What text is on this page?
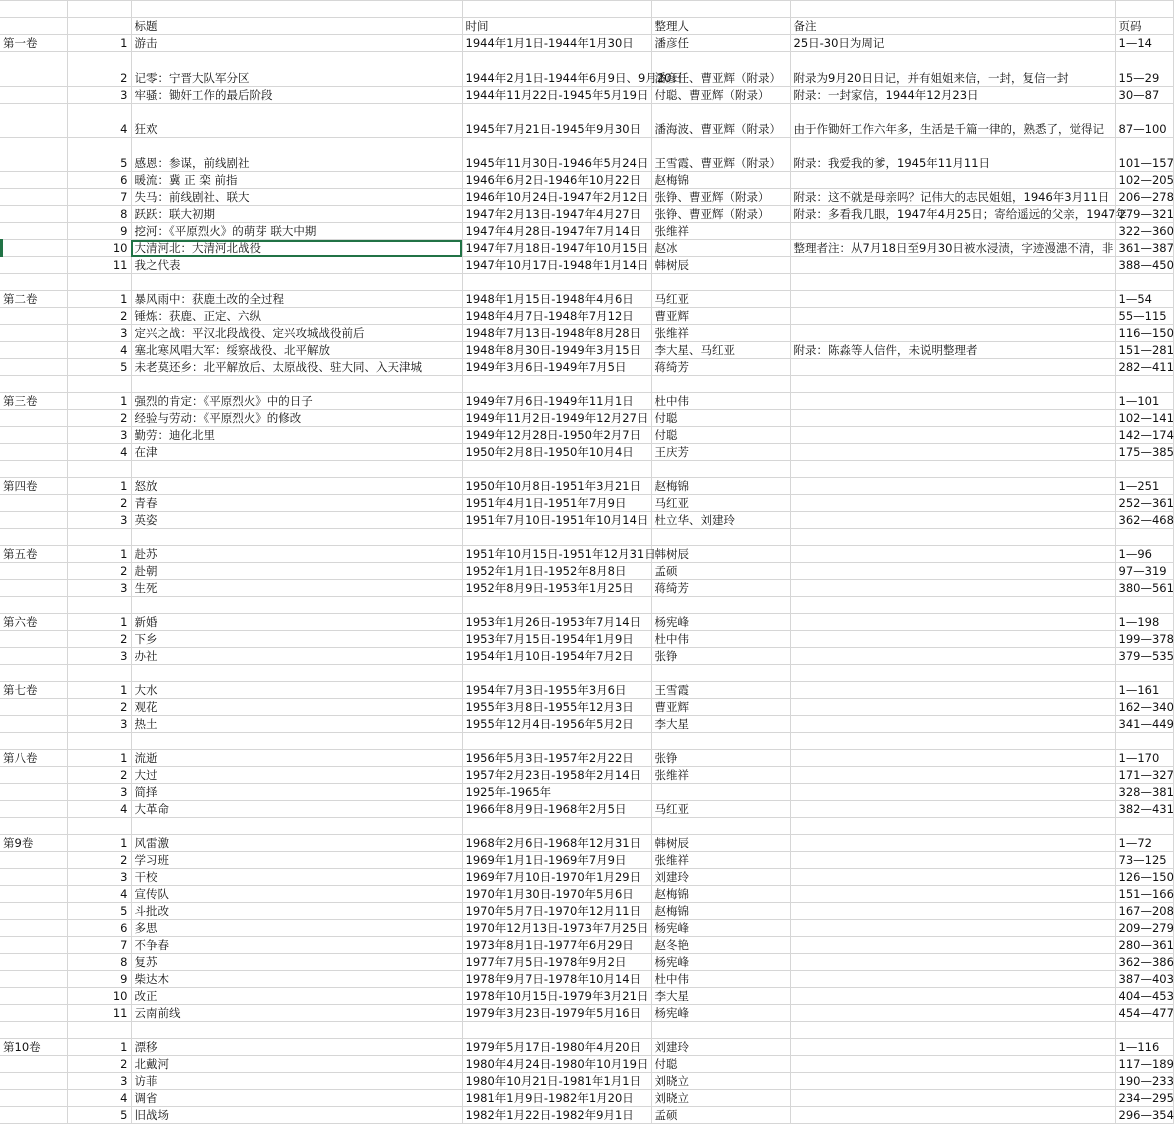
		标题	时间	整理人	备注	页码
第一卷	1	游击	1944年1月1日-1944年1月30日	潘彦任	25日-30日为周记	1—14
	2	记零：宁晋大队军分区	1944年2月1日-1944年6月9日、9月20日	潘彦任、曹亚辉（附录）	附录为9月20日日记，并有姐姐来信，一封，复信一封	15—29
	3	牢骚：锄奸工作的最后阶段	1944年11月22日-1945年5月19日	付聪、曹亚辉（附录）	附录：一封家信，1944年12月23日	30—87
	4	狂欢	1945年7月21日-1945年9月30日	潘海波、曹亚辉（附录）	由于作锄奸工作六年多，生活是千篇一律的，熟悉了，觉得记	87—100
	5	感恩：参谋，前线剧社	1945年11月30日-1946年5月24日	王雪霞、曹亚辉（附录）	附录：我爱我的爹，1945年11月11日	101—157
	6	暖流：冀 正 栾 前指	1946年6月2日-1946年10月22日	赵梅锦		102—205
	7	失马：前线剧社、联大	1946年10月24日-1947年2月12日	张铮、曹亚辉（附录）	附录：这不就是母亲吗？记伟大的志民姐姐，1946年3月11日	206—278
	8	跃跃：联大初期	1947年2月13日-1947年4月27日	张铮、曹亚辉（附录）	附录：多看我几眼，1947年4月25日；寄给遥远的父亲，1947年	279—321
	9	挖河：《平原烈火》的萌芽 联大中期	1947年4月28日-1947年7月14日	张维祥		322—360
	10	大清河北：大清河北战役	1947年7月18日-1947年10月15日	赵冰	整理者注：从7月18日至9月30日被水浸渍，字迹漫漶不清，非	361—387
	11	我之代表	1947年10月17日-1948年1月14日	韩树辰		388—450

第二卷	1	暴风雨中：获鹿土改的全过程	1948年1月15日-1948年4月6日	马红亚		1—54
	2	锤炼：获鹿、正定、六纵	1948年4月7日-1948年7月12日	曹亚辉		55—115
	3	定兴之战：平汉北段战役、定兴攻城战役前后	1948年7月13日-1948年8月28日	张维祥		116—150
	4	塞北寒风唱大军：绥察战役、北平解放	1948年8月30日-1949年3月15日	李大星、马红亚	附录：陈淼等人信件，未说明整理者	151—281
	5	未老莫还乡：北平解放后、太原战役、驻大同、入天津城	1949年3月6日-1949年7月5日	蒋绮芳		282—411

第三卷	1	强烈的肯定：《平原烈火》中的日子	1949年7月6日-1949年11月1日	杜中伟		1—101
	2	经验与劳动：《平原烈火》的修改	1949年11月2日-1949年12月27日	付聪		102—141
	3	勤劳：迪化北里	1949年12月28日-1950年2月7日	付聪		142—174
	4	在津	1950年2月8日-1950年10月4日	王庆芳		175—385

第四卷	1	怒放	1950年10月8日-1951年3月21日	赵梅锦		1—251
	2	青春	1951年4月1日-1951年7月9日	马红亚		252—361
	3	英姿	1951年7月10日-1951年10月14日	杜立华、刘建玲		362—468

第五卷	1	赴苏	1951年10月15日-1951年12月31日	韩树辰		1—96
	2	赴朝	1952年1月1日-1952年8月8日	孟硕		97—319
	3	生死	1952年8月9日-1953年1月25日	蒋绮芳		380—561

第六卷	1	新婚	1953年1月26日-1953年7月14日	杨宪峰		1—198
	2	下乡	1953年7月15日-1954年1月9日	杜中伟		199—378
	3	办社	1954年1月10日-1954年7月2日	张铮		379—535

第七卷	1	大水	1954年7月3日-1955年3月6日	王雪霞		1—161
	2	观花	1955年3月8日-1955年12月3日	曹亚辉		162—340
	3	热土	1955年12月4日-1956年5月2日	李大星		341—449

第八卷	1	流逝	1956年5月3日-1957年2月22日	张铮		1—170
	2	大过	1957年2月23日-1958年2月14日	张维祥		171—327
	3	简择	1925年-1965年			328—381
	4	大革命	1966年8月9日-1968年2月5日	马红亚		382—431

第9卷	1	风雷激	1968年2月6日-1968年12月31日	韩树辰		1—72
	2	学习班	1969年1月1日-1969年7月9日	张维祥		73—125
	3	干校	1969年7月10日-1970年1月29日	刘建玲		126—150
	4	宣传队	1970年1月30日-1970年5月6日	赵梅锦		151—166
	5	斗批改	1970年5月7日-1970年12月11日	赵梅锦		167—208
	6	多思	1970年12月13日-1973年7月25日	杨宪峰		209—279
	7	不争春	1973年8月1日-1977年6月29日	赵冬艳		280—361
	8	复苏	1977年7月5日-1978年9月2日	杨宪峰		362—386
	9	柴达木	1978年9月7日-1978年10月14日	杜中伟		387—403
	10	改正	1978年10月15日-1979年3月21日	李大星		404—453
	11	云南前线	1979年3月23日-1979年5月16日	杨宪峰		454—477

第10卷	1	漂移	1979年5月17日-1980年4月20日	刘建玲		1—116
	2	北戴河	1980年4月24日-1980年10月19日	付聪		117—189
	3	访菲	1980年10月21日-1981年1月1日	刘晓立		190—233
	4	调省	1981年1月9日-1982年1月20日	刘晓立		234—295
	5	旧战场	1982年1月22日-1982年9月1日	孟硕		296—354
